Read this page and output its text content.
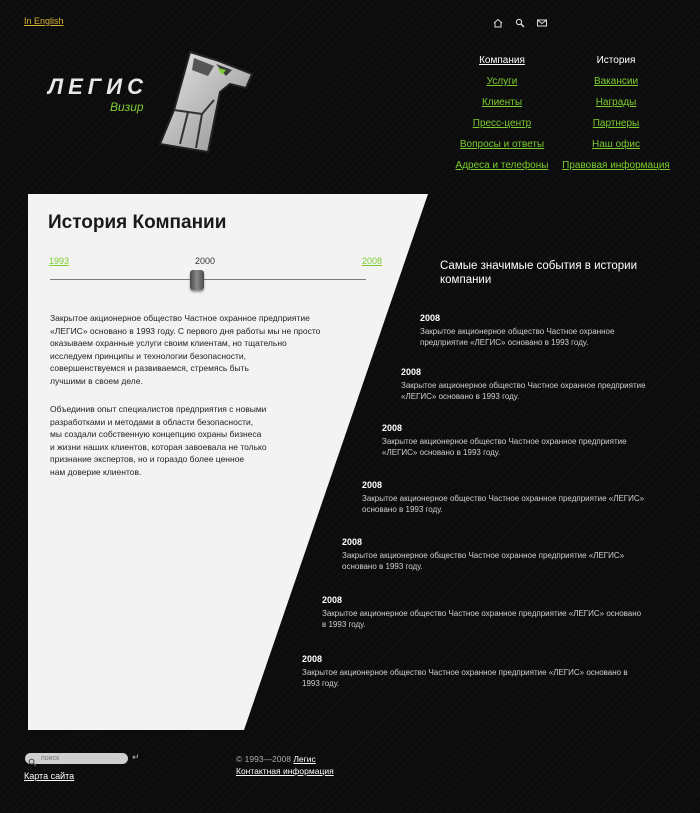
In English
ЛЕГИС
Визир
Компания
Услуги
Клиенты
Пресс-центр
Вопросы и ответы
Адреса и телефоны
История
Вакансии
Награды
Партнеры
Наш офис
Правовая информация
История Компании
1993	2000	2008
Закрытое акционерное общество Частное охранное предприятие
«ЛЕГИС» основано в 1993 году. С первого дня работы мы не просто
оказываем охранные услуги своим клиентам, но тщательно
исследуем принципы и технологии безопасности,
совершенствуемся и развиваемся, стремясь быть
лучшими в своем деле.
Объединив опыт специалистов предприятия с новыми
разработками и методами в области безопасности,
мы создали собственную концепцию охраны бизнеса
и жизни наших клиентов, которая завоевала не только
признание экспертов, но и гораздо более ценное
нам доверие клиентов.
Самые значимые события в истории компании
2008
Закрытое акционерное общество Частное охранное
предприятие «ЛЕГИС» основано в 1993 году.
2008
Закрытое акционерное общество Частное охранное предприятие
«ЛЕГИС» основано в 1993 году.
2008
Закрытое акционерное общество Частное охранное предприятие
«ЛЕГИС» основано в 1993 году.
2008
Закрытое акционерное общество Частное охранное предприятие «ЛЕГИС»
основано в 1993 году.
2008
Закрытое акционерное общество Частное охранное предприятие «ЛЕГИС»
основано в 1993 году.
2008
Закрытое акционерное общество Частное охранное предприятие «ЛЕГИС» основано
в 1993 году.
2008
Закрытое акционерное общество Частное охранное предприятие «ЛЕГИС» основано в
1993 году.
поиск
↵
Карта сайта
© 1993—2008 Легис
Контактная информация
